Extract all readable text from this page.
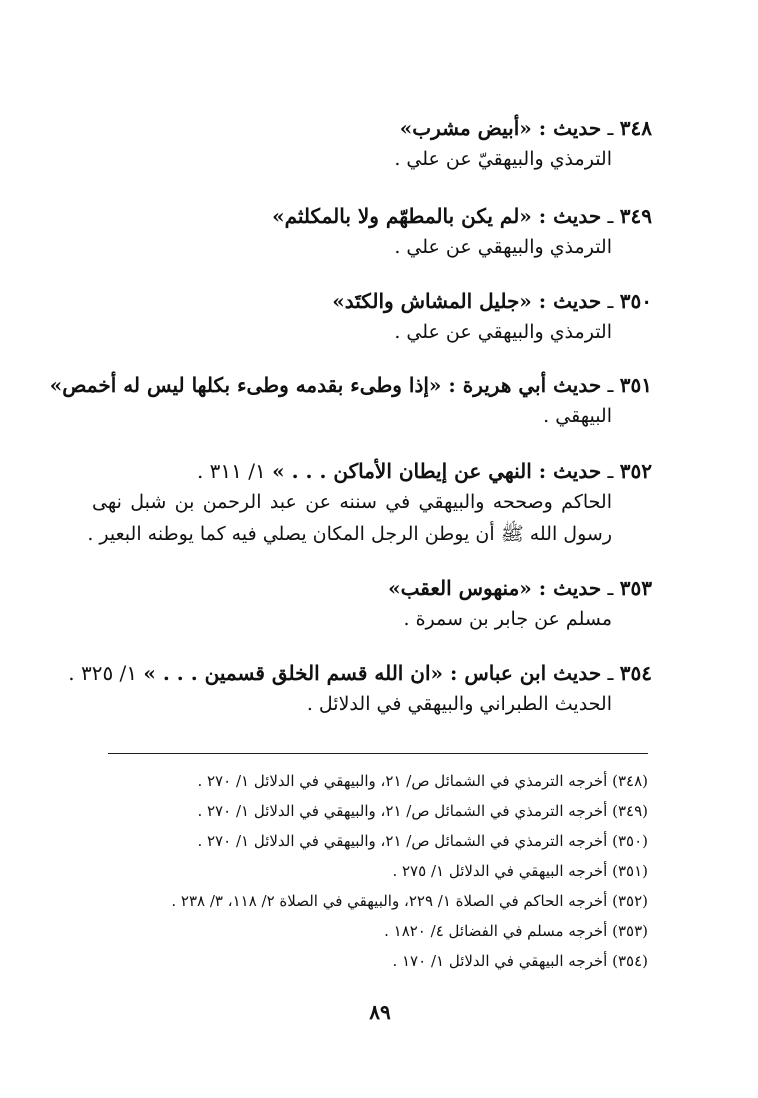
٣٤٨ ـ حديث : «أبيض مشرب»
الترمذي والبيهقيّ عن علي .
٣٤٩ ـ حديث : «لم يكن بالمطهّم ولا بالمكلثم»
الترمذي والبيهقي عن علي .
٣٥٠ ـ حديث : «جليل المشاش والكتَد»
الترمذي والبيهقي عن علي .
٣٥١ ـ حديث أبي هريرة : «إذا وطىء بقدمه وطىء بكلها ليس له أخمص»
البيهقي .
٣٥٢ ـ حديث : النهي عن إيطان الأماكن . . . » ١/ ٣١١ .
الحاكم وصححه والبيهقي في سننه عن عبد الرحمن بن شبل نهى
رسول الله ﷺ أن يوطن الرجل المكان يصلي فيه كما يوطنه البعير .
٣٥٣ ـ حديث : «منهوس العقب»
مسلم عن جابر بن سمرة .
٣٥٤ ـ حديث ابن عباس : «ان الله قسم الخلق قسمين . . . » ١/ ٣٢٥ .
الحديث الطبراني والبيهقي في الدلائل .
(٣٤٨) أخرجه الترمذي في الشمائل ص/ ٢١، والبيهقي في الدلائل ١/ ٢٧٠ .
(٣٤٩) أخرجه الترمذي في الشمائل ص/ ٢١، والبيهقي في الدلائل ١/ ٢٧٠ .
(٣٥٠) أخرجه الترمذي في الشمائل ص/ ٢١، والبيهقي في الدلائل ١/ ٢٧٠ .
(٣٥١) أخرجه البيهقي في الدلائل ١/ ٢٧٥ .
(٣٥٢) أخرجه الحاكم في الصلاة ١/ ٢٢٩، والبيهقي في الصلاة ٢/ ١١٨، ٣/ ٢٣٨ .
(٣٥٣) أخرجه مسلم في الفضائل ٤/ ١٨٢٠ .
(٣٥٤) أخرجه البيهقي في الدلائل ١/ ١٧٠ .
٨٩
